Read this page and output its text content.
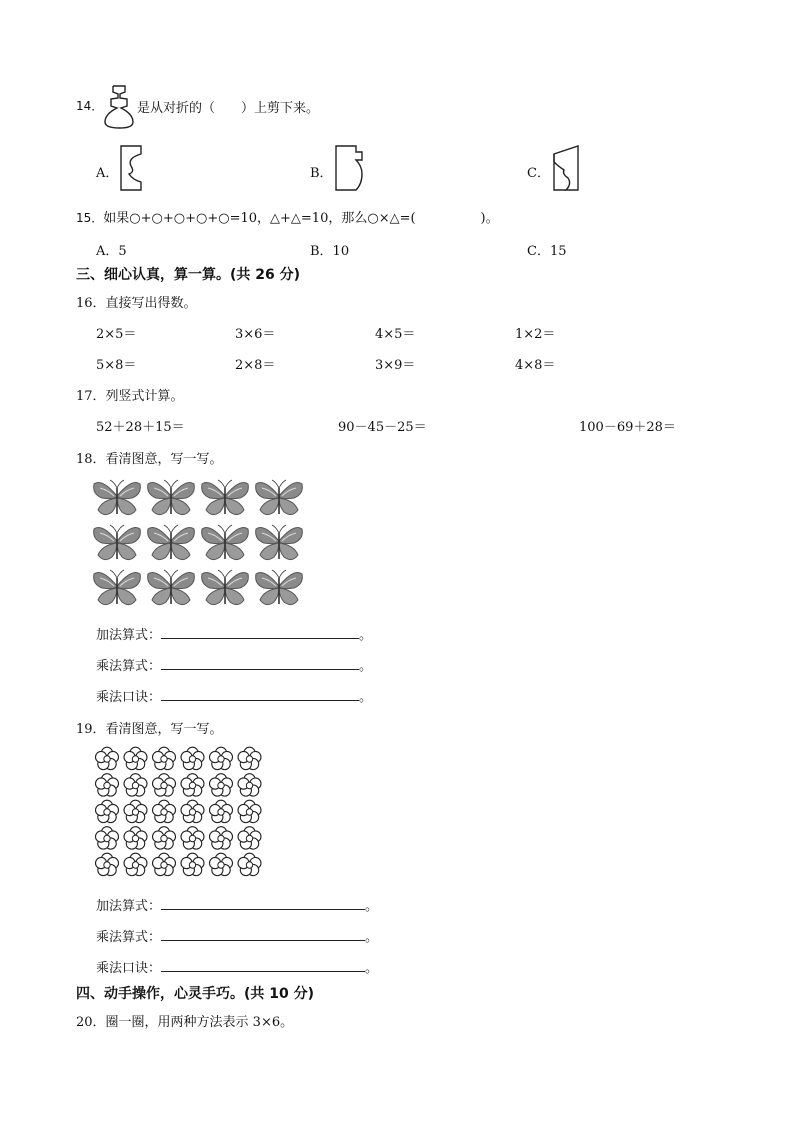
14．	是从对折的（　　）上剪下来。
A．	B．	C．
15．如果○+○+○+○+○=10，△+△=10，那么○×△=(　　　　　)。
A．5	B．10	C．15
三、细心认真，算一算。(共 26 分)
16．直接写出得数。
2×5＝	3×6＝	4×5＝	1×2＝
5×8＝	2×8＝	3×9＝	4×8＝
17．列竖式计算。
52＋28＋15＝	90－45－25＝	100－69＋28＝
18．看清图意，写一写。
加法算式：	。
乘法算式：	。
乘法口诀：	。
19．看清图意，写一写。
加法算式：	。
乘法算式：	。
乘法口诀：	。
四、动手操作，心灵手巧。(共 10 分)
20．圈一圈，用两种方法表示 3×6。
